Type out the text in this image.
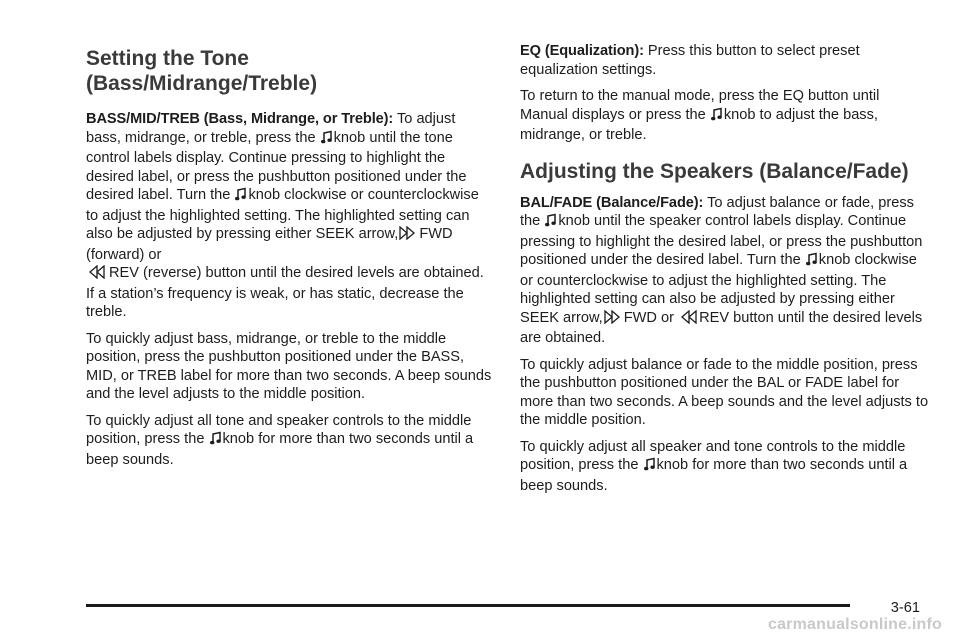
Setting the Tone
(Bass/Midrange/Treble)

BASS/MID/TREB (Bass, Midrange, or Treble): To adjust bass, midrange, or treble, press the knob until the tone control labels display. Continue pressing to highlight the desired label, or press the pushbutton positioned under the desired label. Turn the knob clockwise or counterclockwise to adjust the highlighted setting. The highlighted setting can also be adjusted by pressing either SEEK arrow, FWD (forward) or
REV (reverse) button until the desired levels are obtained. If a station’s frequency is weak, or has static, decrease the treble.

To quickly adjust bass, midrange, or treble to the middle position, press the pushbutton positioned under the BASS, MID, or TREB label for more than two seconds. A beep sounds and the level adjusts to the middle position.

To quickly adjust all tone and speaker controls to the middle position, press the knob for more than two seconds until a beep sounds.

EQ (Equalization): Press this button to select preset equalization settings.

To return to the manual mode, press the EQ button until Manual displays or press the knob to adjust the bass, midrange, or treble.

Adjusting the Speakers (Balance/Fade)

BAL/FADE (Balance/Fade): To adjust balance or fade, press the knob until the speaker control labels display. Continue pressing to highlight the desired label, or press the pushbutton positioned under the desired label. Turn the knob clockwise or counterclockwise to adjust the highlighted setting. The highlighted setting can also be adjusted by pressing either SEEK arrow, FWD or REV button until the desired levels are obtained.

To quickly adjust balance or fade to the middle position, press the pushbutton positioned under the BAL or FADE label for more than two seconds. A beep sounds and the level adjusts to the middle position.

To quickly adjust all speaker and tone controls to the middle position, press the knob for more than two seconds until a beep sounds.

3-61
carmanualsonline.info
